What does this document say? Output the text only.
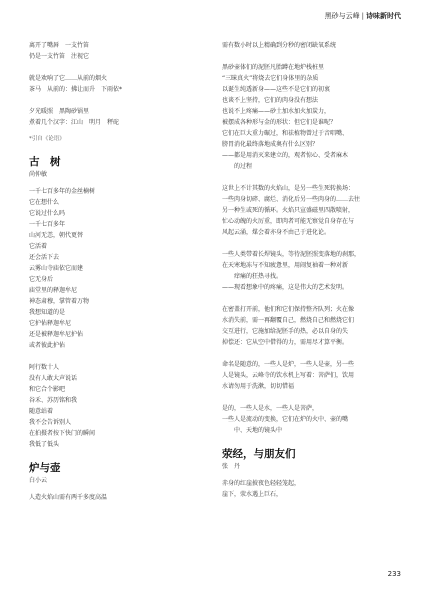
黑砂与云峰 | 诗味新时代
离开了嘴唇　一支竹笛
仍是一支竹笛　注视它
就是欢响了它……从前的烟火
茶马　从前的：拂让而升　下雨依*
夕光暖照　黑陶砂锅里
煮着几个汉字：江山　明月　秤砣
*引自《论语》
古　树
尚仲敏
一千七百多年的金丝楠树
它在想什么
它说过什么吗
一千七百多年
山河无恙，朝代更替
它活着
还会活下去
云雾山寺庙依它而建
它无身后
庙堂里的释迦牟尼
神态肃穆，掌管着万物
我想知道的是
它护佑释迦牟尼
还是被释迦牟尼护佑
或者彼此护佑
阿行数十人
没有人敢大声说话
和它合个影吧
谷禾、苏历铭和我
随意站着
我不会告诉别人
在拍摄者按下快门的瞬间
我低了低头
炉与壶
白小云
人造火焰山需有两千多度高温
需有数小时以上精确到分秒的密闭缺氧系统
黑砂壶体们的泥胚凡胎蹲在地炉栈桩里
“三昧真火”将烧去它们身体里的杂质
以诞生纯透新身——这些不是它们的初衷
也谈不上坚持，它们的肉身没有想法
也说不上疼痛——砂土加水加火加炭力，
被摆成各种形与金的形状：但它们是谁呢？
它们在巨大重力碾过，和祛植物曾过于音唱嘴、
膀胃消化最终落地成奥有什么区别？
——都是用消灭来建立的，观者惊心、受者麻木
的过程
这世上不计其数的火焰山，是另一些生死转换场：
一些肉身切碎、腐烂、消化后另一些肉身的……去往
另一种生或死的循环。火焰只宣盛磁里四散喷射，
忙心动魄的火厉重，即肉者可能无察觉自身存在与
风起云涌，煤会着亦身不由己于进化论。
一些人类带着长焊镜头，等待泥胚照变落地的刹那，
在天寒地冻与不知疲惫里，用闹复袖着一种对新
痒痛的狂热寻找。
——现看想象中的疼痛，这是伟大的艺术发明。
在密盖打开前，他们和它们保持整齐队列；火在像
水消失前，需一再翻覆自己，燃烧自己和燃烧它们
交互进行，它施加给泥胚手的热，必以自身的失
掉偿还：它从空中借得的力，需用尽才算平衡。
命名是随意的，一些人是炉，一些人是壶，另一些
人是镜头，云峰寺的饮水机上写着：菩萨们，饮用
水请勿用于洗漱，切切惜福
是的，一些人是水，一些人是菩萨，
一些人是流动的变换，它们在炉的火中、壶的嘴
中、天地的镜头中
荥经，与朋友们
张　丹
赤身的红崖披夜色轻轻笼起，
崖下，荥水遇上巨石，
233
